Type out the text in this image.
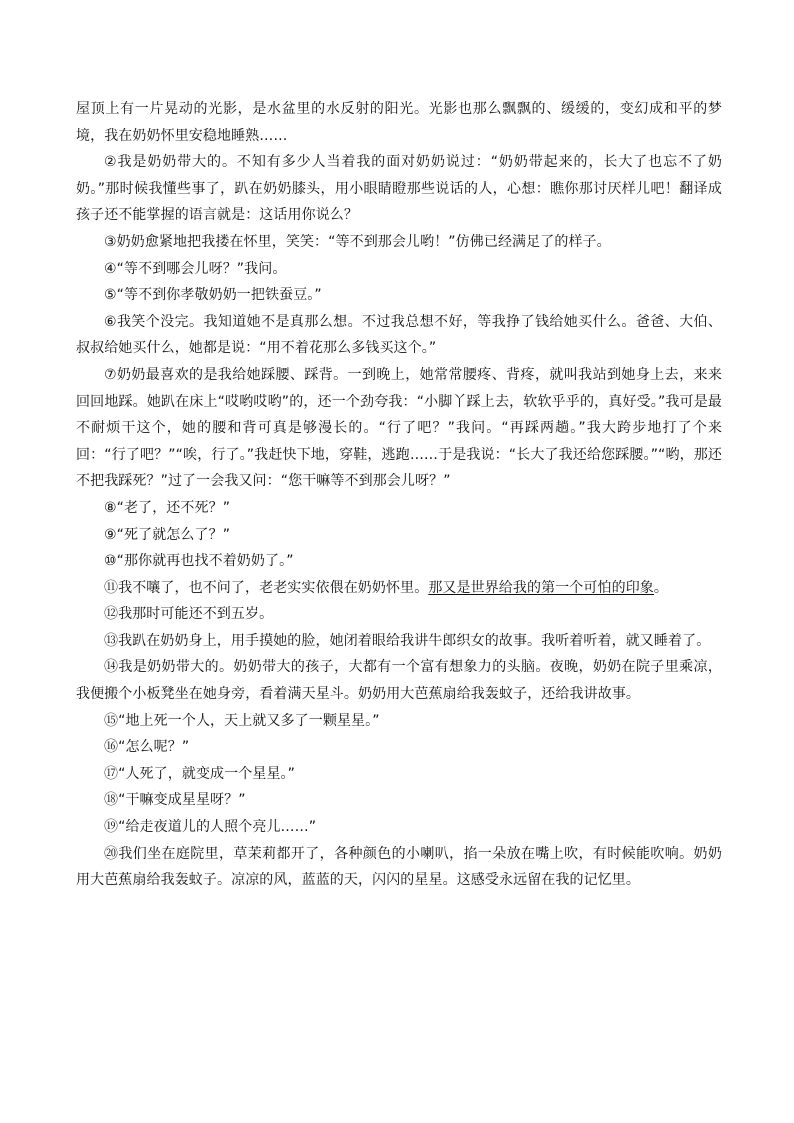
屋顶上有一片晃动的光影，是水盆里的水反射的阳光。光影也那么飘飘的、缓缓的，变幻成和平的梦境，我在奶奶怀里安稳地睡熟……

②我是奶奶带大的。不知有多少人当着我的面对奶奶说过：“奶奶带起来的，长大了也忘不了奶奶。”那时候我懂些事了，趴在奶奶膝头，用小眼睛瞪那些说话的人，心想：瞧你那讨厌样儿吧！翻译成孩子还不能掌握的语言就是：这话用你说么？

③奶奶愈紧地把我搂在怀里，笑笑：“等不到那会儿哟！”仿佛已经满足了的样子。

④“等不到哪会儿呀？”我问。

⑤“等不到你孝敬奶奶一把铁蚕豆。”

⑥我笑个没完。我知道她不是真那么想。不过我总想不好，等我挣了钱给她买什么。爸爸、大伯、叔叔给她买什么，她都是说：“用不着花那么多钱买这个。”

⑦奶奶最喜欢的是我给她踩腰、踩背。一到晚上，她常常腰疼、背疼，就叫我站到她身上去，来来回回地踩。她趴在床上“哎哟哎哟”的，还一个劲夸我：“小脚丫踩上去，软软乎乎的，真好受。”我可是最不耐烦干这个，她的腰和背可真是够漫长的。“行了吧？”我问。“再踩两趟。”我大跨步地打了个来回：“行了吧？”“唉，行了。”我赶快下地，穿鞋，逃跑……于是我说：“长大了我还给您踩腰。”“哟，那还不把我踩死？”过了一会我又问：“您干嘛等不到那会儿呀？”

⑧“老了，还不死？”

⑨“死了就怎么了？”

⑩“那你就再也找不着奶奶了。”

⑪我不嚷了，也不问了，老老实实依偎在奶奶怀里。那又是世界给我的第一个可怕的印象。

⑫我那时可能还不到五岁。

⑬我趴在奶奶身上，用手摸她的脸，她闭着眼给我讲牛郎织女的故事。我听着听着，就又睡着了。

⑭我是奶奶带大的。奶奶带大的孩子，大都有一个富有想象力的头脑。夜晚，奶奶在院子里乘凉，我便搬个小板凳坐在她身旁，看着满天星斗。奶奶用大芭蕉扇给我轰蚊子，还给我讲故事。

⑮“地上死一个人，天上就又多了一颗星星。”

⑯“怎么呢？”

⑰“人死了，就变成一个星星。”

⑱“干嘛变成星星呀？”

⑲“给走夜道儿的人照个亮儿……”

⑳我们坐在庭院里，草茉莉都开了，各种颜色的小喇叭，掐一朵放在嘴上吹，有时候能吹响。奶奶用大芭蕉扇给我轰蚊子。凉凉的风，蓝蓝的天，闪闪的星星。这感受永远留在我的记忆里。
